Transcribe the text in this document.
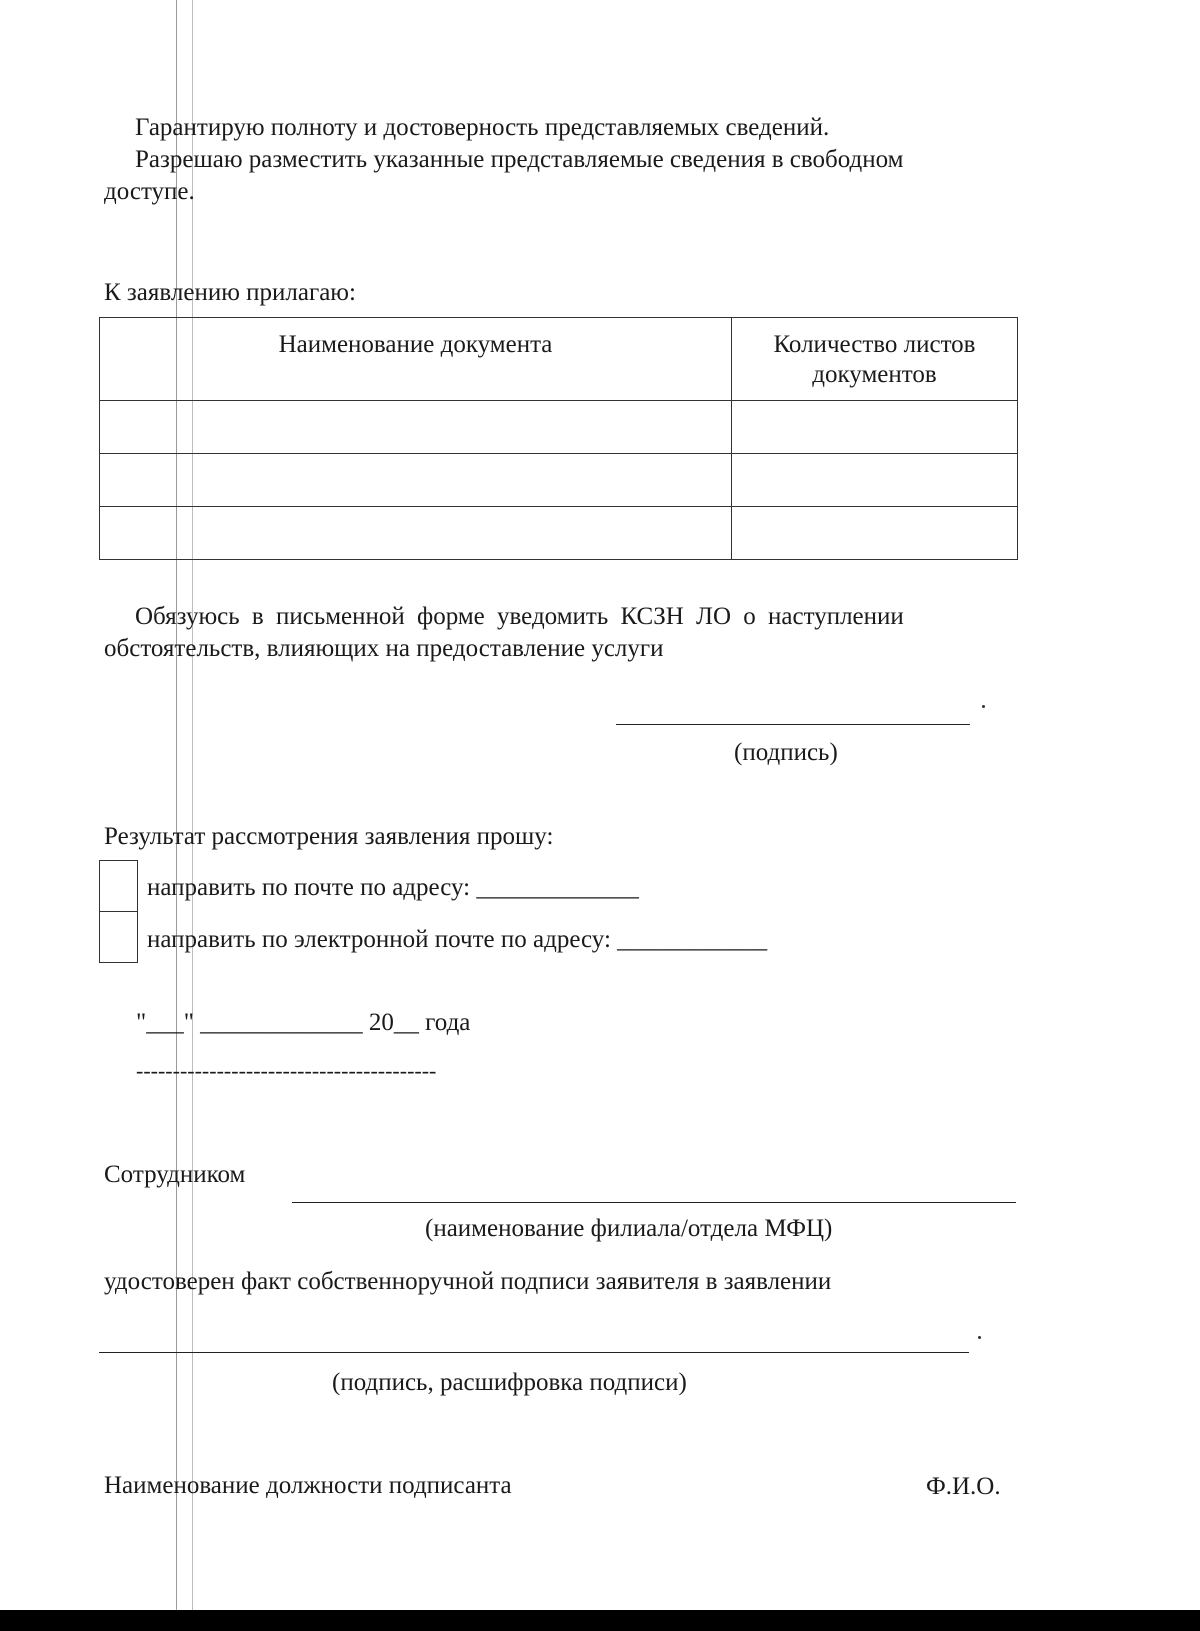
Гарантирую полноту и достоверность представляемых сведений.
Разрешаю разместить указанные представляемые сведения в свободном
доступе.
К заявлению прилагаю:
Наименование документа	Количество листов документов

Обязуюсь в письменной форме уведомить КСЗН ЛО о наступлении
обстоятельств, влияющих на предоставление услуги
(подпись)
Результат рассмотрения заявления прошу:
направить по почте по адресу: _____________
направить по электронной почте по адресу: ____________
"___" _____________ 20__ года
-----------------------------------------
Сотрудником
(наименование филиала/отдела МФЦ)
удостоверен факт собственноручной подписи заявителя в заявлении
(подпись, расшифровка подписи)
Наименование должности подписанта	Ф.И.О.
